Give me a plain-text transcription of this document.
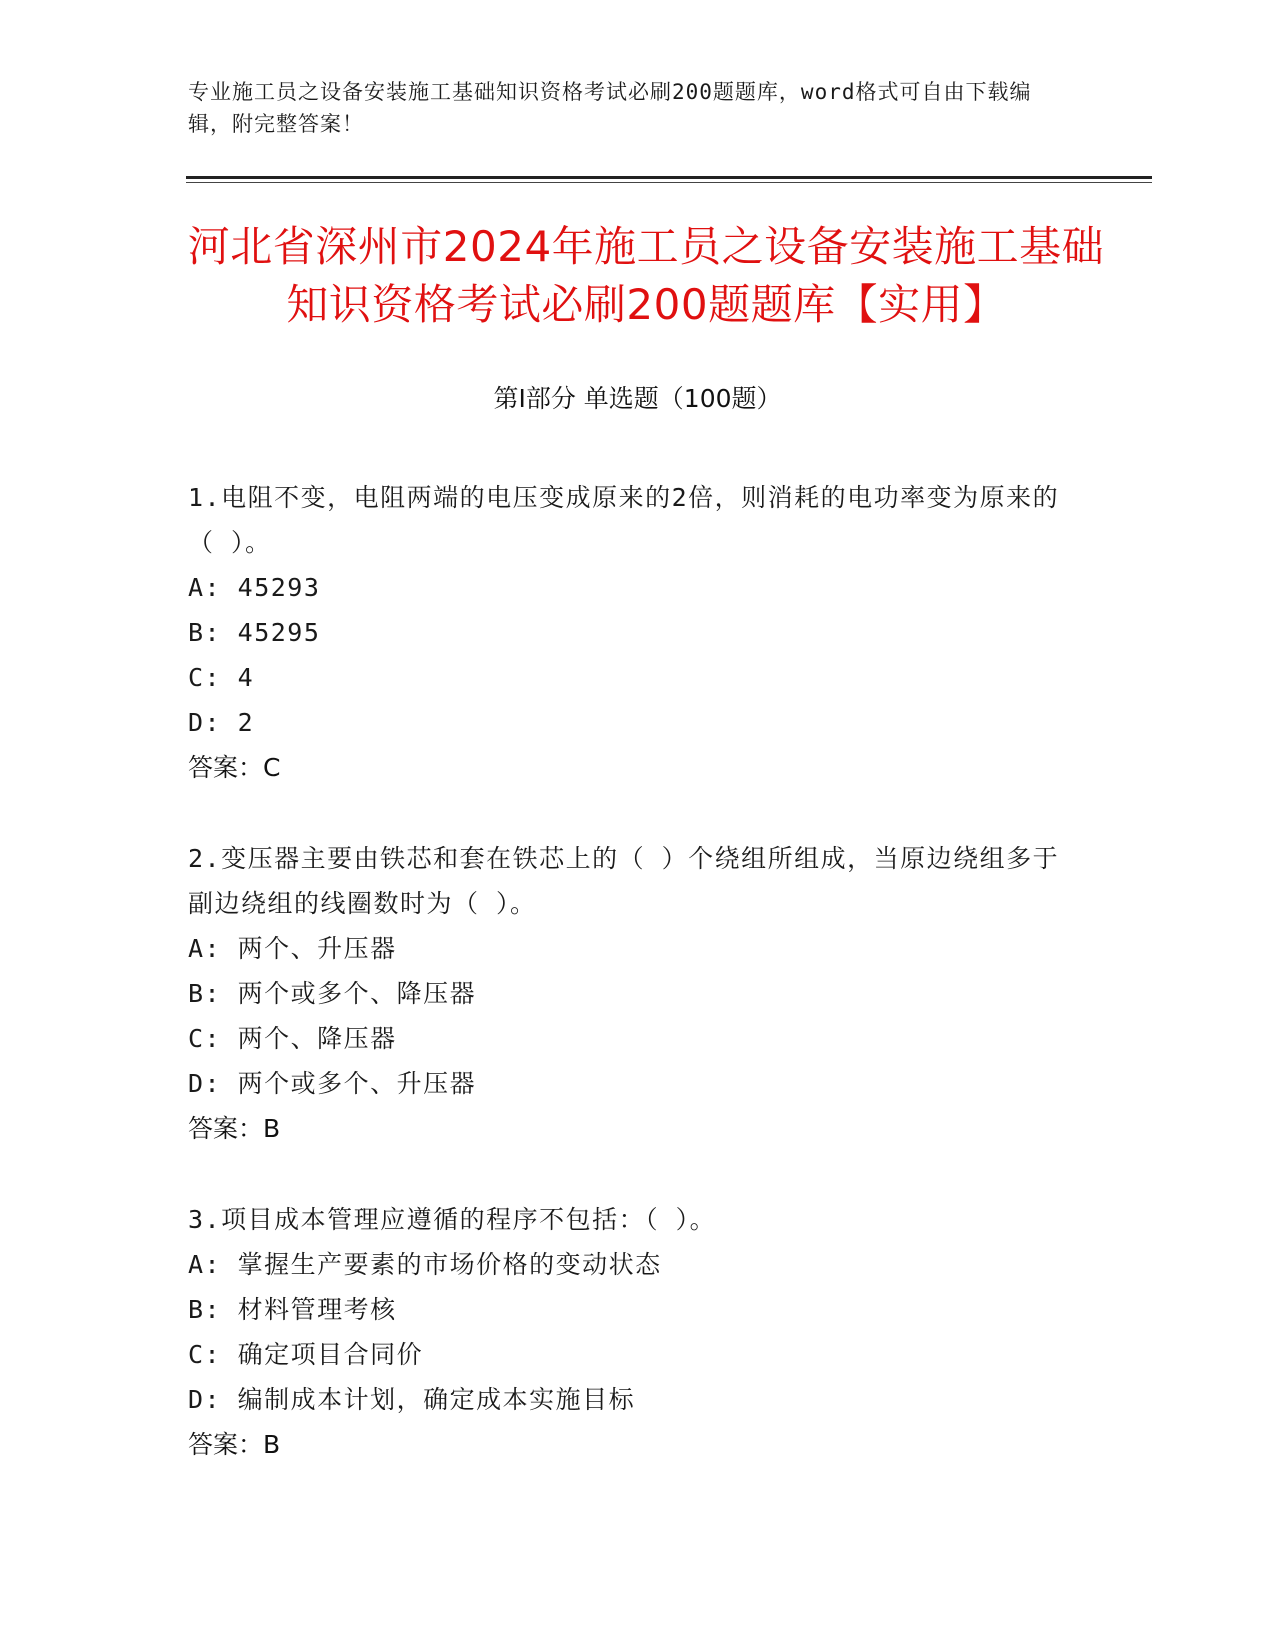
专业施工员之设备安装施工基础知识资格考试必刷200题题库，word格式可自由下载编辑，附完整答案！
河北省深州市2024年施工员之设备安装施工基础知识资格考试必刷200题题库【实用】
第Ⅰ部分 单选题（100题）
1.电阻不变，电阻两端的电压变成原来的2倍，则消耗的电功率变为原来的（ ）。
A: 45293
B: 45295
C: 4
D: 2
答案：C
2.变压器主要由铁芯和套在铁芯上的（ ）个绕组所组成，当原边绕组多于副边绕组的线圈数时为（ ）。
A: 两个、升压器
B: 两个或多个、降压器
C: 两个、降压器
D: 两个或多个、升压器
答案：B
3.项目成本管理应遵循的程序不包括：（ ）。
A: 掌握生产要素的市场价格的变动状态
B: 材料管理考核
C: 确定项目合同价
D: 编制成本计划，确定成本实施目标
答案：B
